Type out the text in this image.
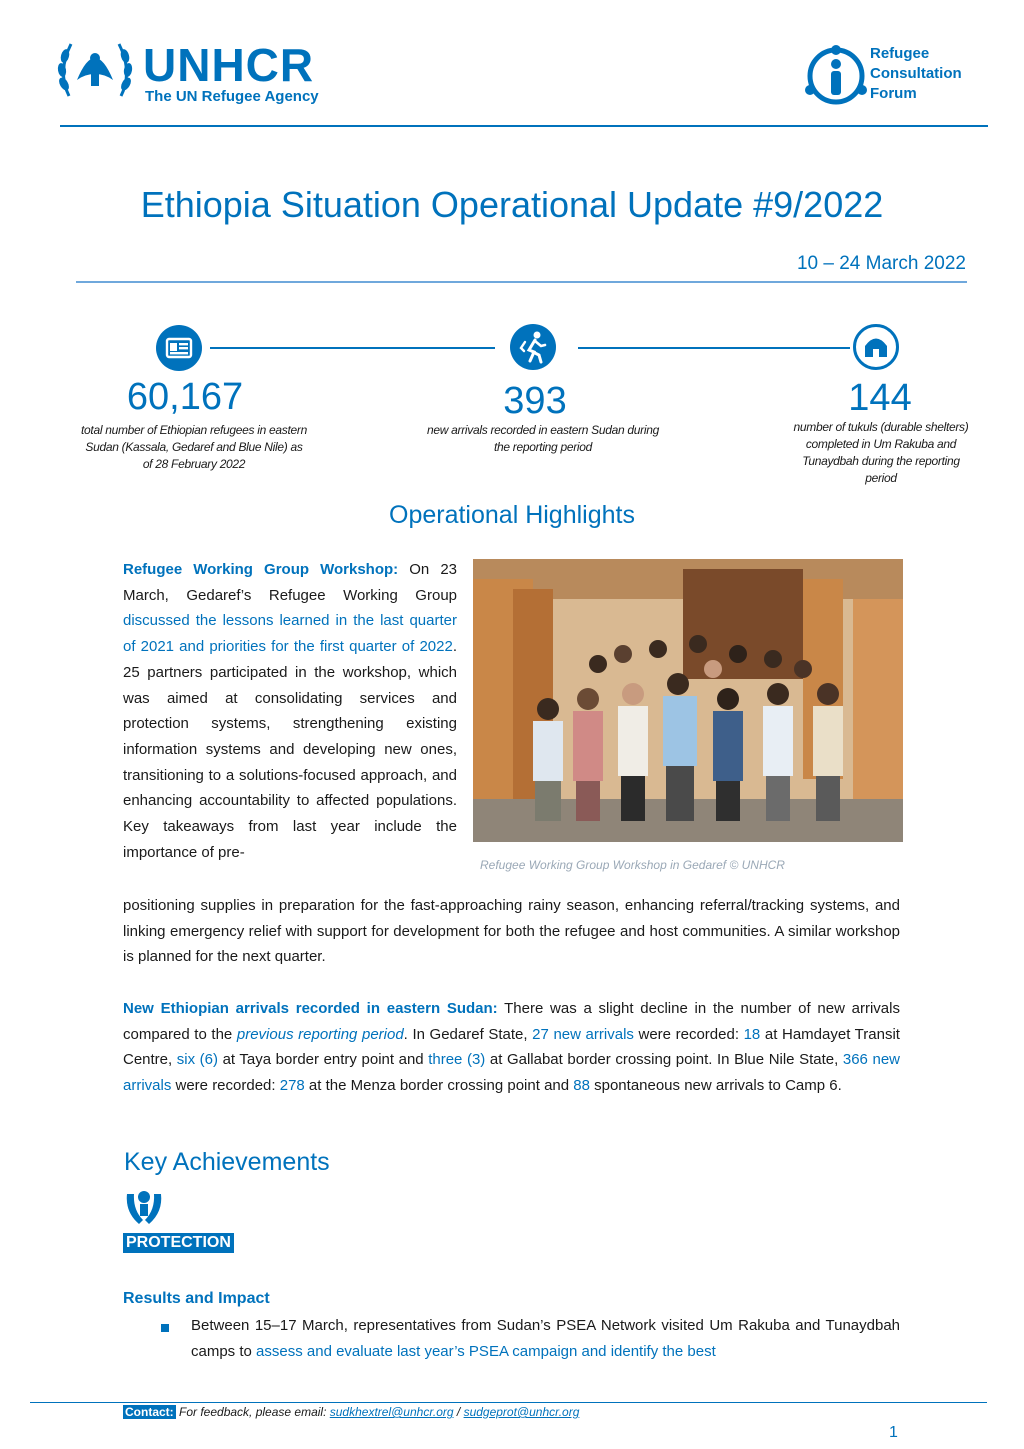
UNHCR
The UN Refugee Agency
Refugee
Consultation
Forum
Ethiopia Situation Operational Update #9/2022
10 – 24 March 2022
60,167
total number of Ethiopian refugees in eastern Sudan (Kassala, Gedaref and Blue Nile) as of 28 February 2022
393
new arrivals recorded in eastern Sudan during the reporting period
144
number of tukuls (durable shelters) completed in Um Rakuba and Tunaydbah during the reporting period
Operational Highlights
Refugee Working Group Workshop in Gedaref © UNHCR
Refugee Working Group Workshop: On 23 March, Gedaref’s Refugee Working Group discussed the lessons learned in the last quarter of 2021 and priorities for the first quarter of 2022. 25 partners participated in the workshop, which was aimed at consolidating services and protection systems, strengthening existing information systems and developing new ones, transitioning to a solutions-focused approach, and enhancing accountability to affected populations. Key takeaways from last year include the importance of pre-
positioning supplies in preparation for the fast-approaching rainy season, enhancing referral/tracking systems, and linking emergency relief with support for development for both the refugee and host communities. A similar workshop is planned for the next quarter.
New Ethiopian arrivals recorded in eastern Sudan: There was a slight decline in the number of new arrivals compared to the previous reporting period. In Gedaref State, 27 new arrivals were recorded: 18 at Hamdayet Transit Centre, six (6) at Taya border entry point and three (3) at Gallabat border crossing point. In Blue Nile State, 366 new arrivals were recorded: 278 at the Menza border crossing point and 88 spontaneous new arrivals to Camp 6.
Key Achievements
PROTECTION
Results and Impact
Between 15–17 March, representatives from Sudan’s PSEA Network visited Um Rakuba and Tunaydbah camps to assess and evaluate last year’s PSEA campaign and identify the best
Contact: For feedback, please email: sudkhextrel@unhcr.org / sudgeprot@unhcr.org
1
